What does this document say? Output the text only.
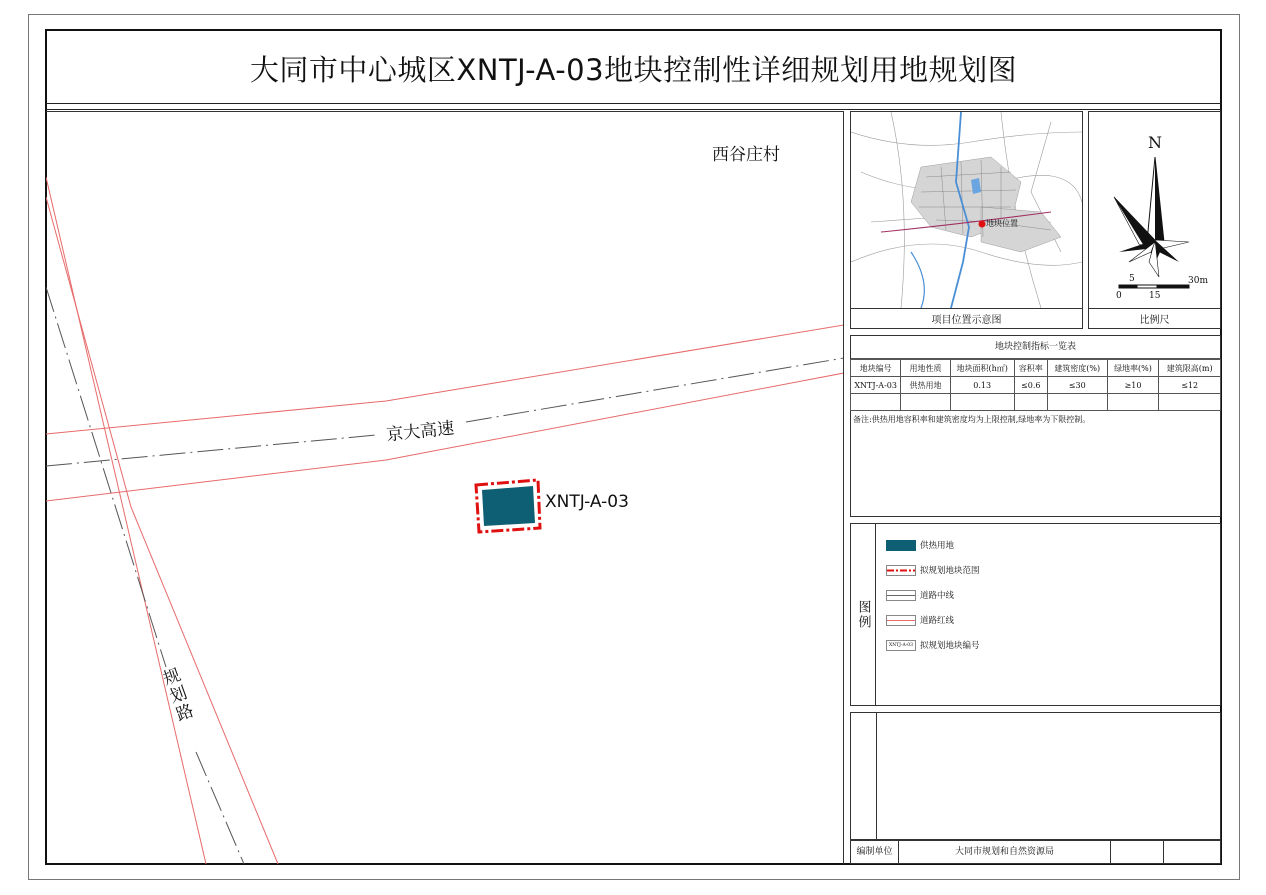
大同市中心城区XNTJ-A-03地块控制性详细规划用地规划图
西谷庄村
京大高速
XNTJ-A-03
规划路
地块位置
项目位置示意图
N
5	30m
0	15
比例尺
地块控制指标一览表
地块编号	用地性质	地块面积(h㎡)	容积率	建筑密度(%)	绿地率(%)	建筑限高(m)
XNTJ-A-03	供热用地	0.13	≤0.6	≤30	≥10	≤12

备注:供热用地容积率和建筑密度均为上限控制,绿地率为下限控制。
图例
供热用地
拟规划地块范围
道路中线
道路红线
XNTJ-A-03 拟规划地块编号
编制单位	大同市规划和自然资源局
